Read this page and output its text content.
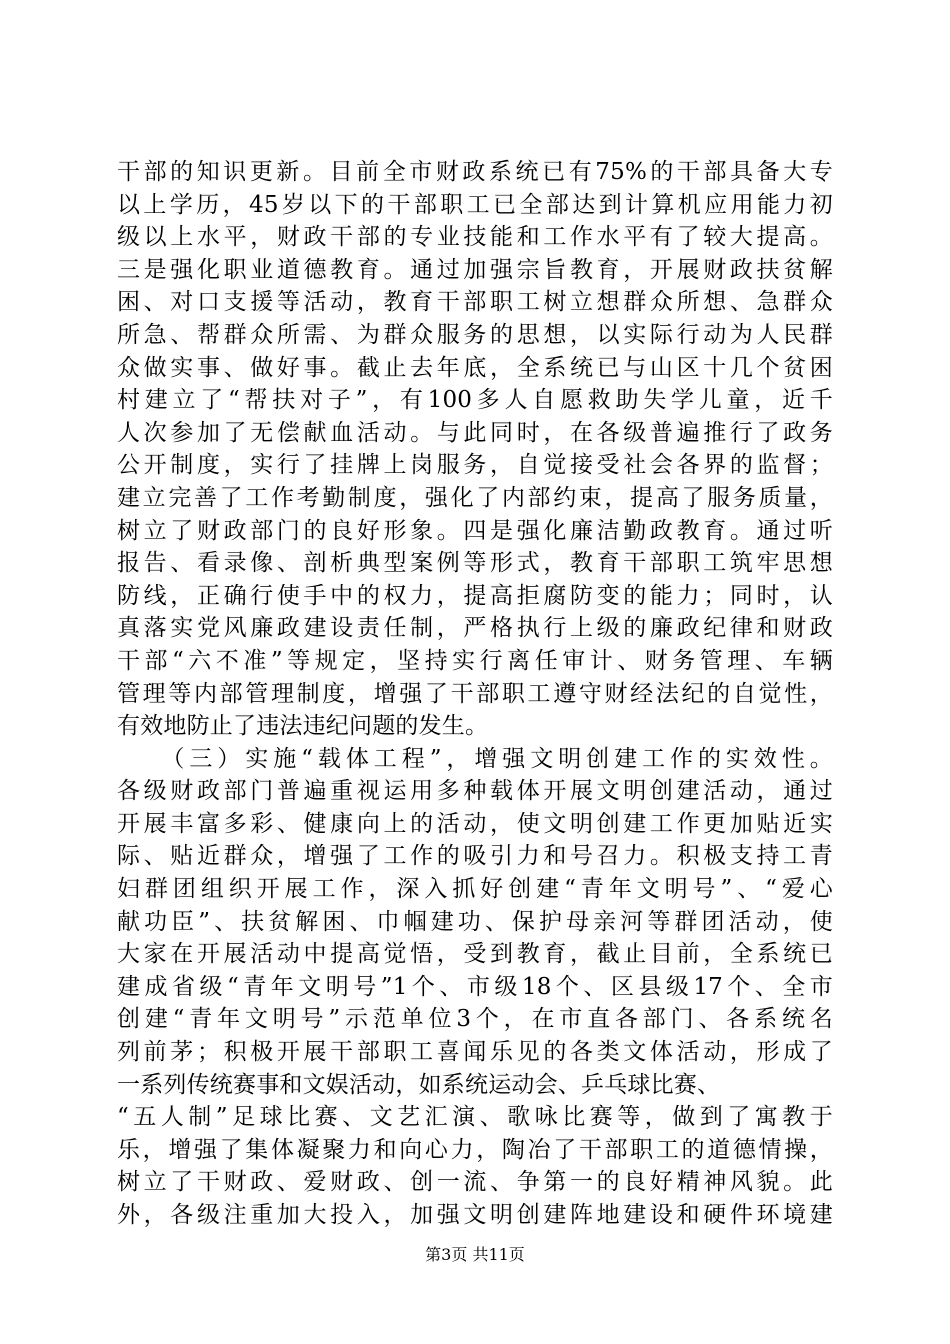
干部的知识更新。目前全市财政系统已有75%的干部具备大专
以上学历，45岁以下的干部职工已全部达到计算机应用能力初
级以上水平，财政干部的专业技能和工作水平有了较大提高。
三是强化职业道德教育。通过加强宗旨教育，开展财政扶贫解
困、对口支援等活动，教育干部职工树立想群众所想、急群众
所急、帮群众所需、为群众服务的思想，以实际行动为人民群
众做实事、做好事。截止去年底，全系统已与山区十几个贫困
村建立了“帮扶对子”，有100多人自愿救助失学儿童，近千
人次参加了无偿献血活动。与此同时，在各级普遍推行了政务
公开制度，实行了挂牌上岗服务，自觉接受社会各界的监督；
建立完善了工作考勤制度，强化了内部约束，提高了服务质量，
树立了财政部门的良好形象。四是强化廉洁勤政教育。通过听
报告、看录像、剖析典型案例等形式，教育干部职工筑牢思想
防线，正确行使手中的权力，提高拒腐防变的能力；同时，认
真落实党风廉政建设责任制，严格执行上级的廉政纪律和财政
干部“六不准”等规定，坚持实行离任审计、财务管理、车辆
管理等内部管理制度，增强了干部职工遵守财经法纪的自觉性，
有效地防止了违法违纪问题的发生。
　　（三）实施“载体工程”，增强文明创建工作的实效性。
各级财政部门普遍重视运用多种载体开展文明创建活动，通过
开展丰富多彩、健康向上的活动，使文明创建工作更加贴近实
际、贴近群众，增强了工作的吸引力和号召力。积极支持工青
妇群团组织开展工作，深入抓好创建“青年文明号”、“爱心
献功臣”、扶贫解困、巾帼建功、保护母亲河等群团活动，使
大家在开展活动中提高觉悟，受到教育，截止目前，全系统已
建成省级“青年文明号”1个、市级18个、区县级17个、全市
创建“青年文明号”示范单位3个，在市直各部门、各系统名
列前茅；积极开展干部职工喜闻乐见的各类文体活动，形成了
一系列传统赛事和文娱活动，如系统运动会、乒乓球比赛、
“五人制”足球比赛、文艺汇演、歌咏比赛等，做到了寓教于
乐，增强了集体凝聚力和向心力，陶冶了干部职工的道德情操，
树立了干财政、爱财政、创一流、争第一的良好精神风貌。此
外，各级注重加大投入，加强文明创建阵地建设和硬件环境建
第3页 共11页
